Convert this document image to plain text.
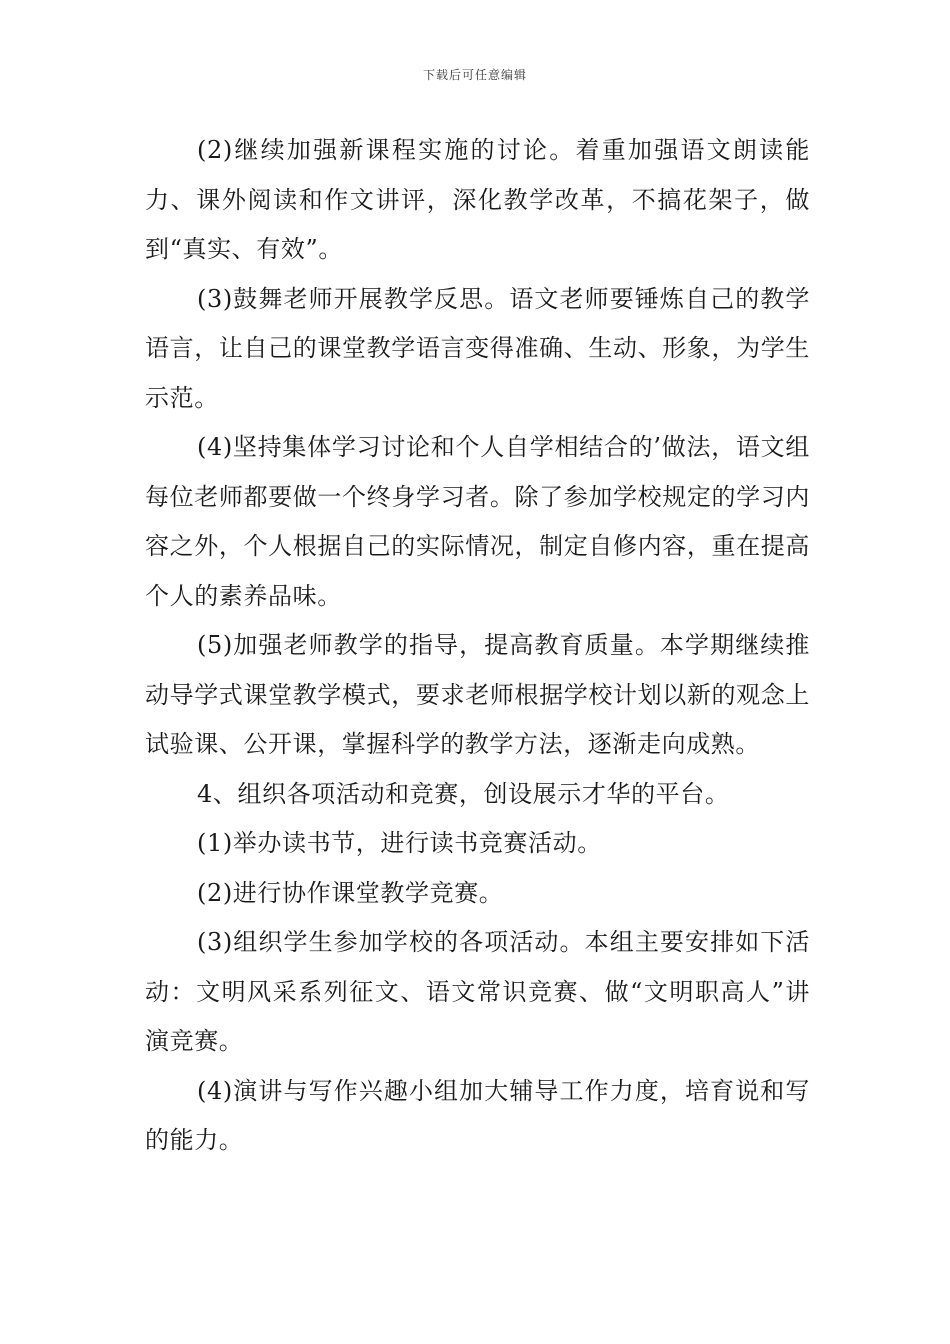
下载后可任意编辑

(2)继续加强新课程实施的讨论。着重加强语文朗读能力、课外阅读和作文讲评，深化教学改革，不搞花架子，做到“真实、有效”。

(3)鼓舞老师开展教学反思。语文老师要锤炼自己的教学语言，让自己的课堂教学语言变得准确、生动、形象，为学生示范。

(4)坚持集体学习讨论和个人自学相结合的’做法，语文组每位老师都要做一个终身学习者。除了参加学校规定的学习内容之外，个人根据自己的实际情况，制定自修内容，重在提高个人的素养品味。

(5)加强老师教学的指导，提高教育质量。本学期继续推动导学式课堂教学模式，要求老师根据学校计划以新的观念上试验课、公开课，掌握科学的教学方法，逐渐走向成熟。

4、组织各项活动和竞赛，创设展示才华的平台。

(1)举办读书节，进行读书竞赛活动。

(2)进行协作课堂教学竞赛。

(3)组织学生参加学校的各项活动。本组主要安排如下活动：文明风采系列征文、语文常识竞赛、做“文明职高人”讲演竞赛。

(4)演讲与写作兴趣小组加大辅导工作力度，培育说和写的能力。
